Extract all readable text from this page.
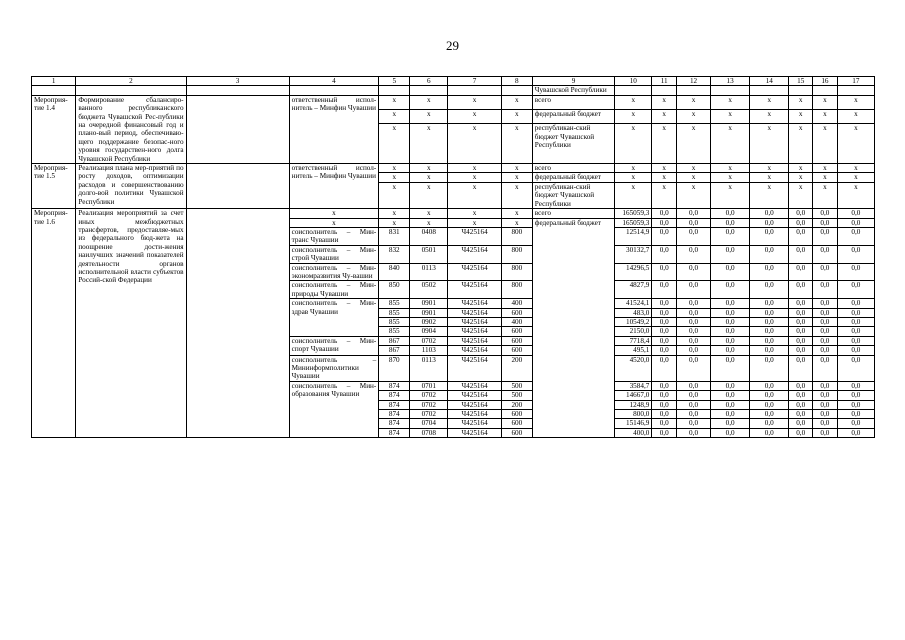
29
1	2	3	4	5	6	7	8	9	10	11	12	13	14	15	16	17
								Чувашской Республики								
Мероприя-тие 1.4	Формирование сбалансиро-ванного республиканского бюджета Чувашской Рес-публики на очередной финансовый год и плано-вый период, обеспечиваю-щего поддержание безопас-ного уровня государствен-ного долга Чувашской Республики		ответственный испол-нитель – Минфин Чувашии	х	х	х	х	всего	х	х	х	х	х	х	х	х
				х	х	х	х	федеральный бюджет	х	х	х	х	х	х	х	х
				х	х	х	х	республикан-ский бюджет Чувашской Республики	х	х	х	х	х	х	х	х
Мероприя-тие 1.5	Реализация плана мер-приятий по росту доходов, оптимизации расходов и совершенствованию долго-вой политики Чувашской Республики		ответственный испол-нитель – Минфин Чувашии	х	х	х	х	всего	х	х	х	х	х	х	х	х
				х	х	х	х	федеральный бюджет	х	х	х	х	х	х	х	х
				х	х	х	х	республикан-ский бюджет Чувашской Республики	х	х	х	х	х	х	х	х
Мероприя-тие 1.6	Реализация мероприятий за счет иных межбюджетных трансфертов, предоставляе-мых из федерального бюд-жета на поощрение дости-жения наилучших значений показателей деятельности органов исполнительной власти субъектов Россий-ской Федерации		х	х	х	х	х	всего	165059,3	0,0	0,0	0,0	0,0	0,0	0,0	0,0
			х	х	х	х	х	федеральный бюджет	165059,3	0,0	0,0	0,0	0,0	0,0	0,0	0,0
			соисполнитель – Мин-транс Чувашии	831	0408	Ч425164	800		12514,9	0,0	0,0	0,0	0,0	0,0	0,0	0,0
			соисполнитель – Мин-строй Чувашии	832	0501	Ч425164	800		30132,7	0,0	0,0	0,0	0,0	0,0	0,0	0,0
			соисполнитель – Мин-экономразвития Чу-вашии	840	0113	Ч425164	800		14296,5	0,0	0,0	0,0	0,0	0,0	0,0	0,0
			соисполнитель – Мин-природы Чувашии	850	0502	Ч425164	800		4827,9	0,0	0,0	0,0	0,0	0,0	0,0	0,0
			соисполнитель – Мин-здрав Чувашии	855	0901	Ч425164	400		41524,1	0,0	0,0	0,0	0,0	0,0	0,0	0,0
				855	0901	Ч425164	600		483,0	0,0	0,0	0,0	0,0	0,0	0,0	0,0
				855	0902	Ч425164	400		10549,2	0,0	0,0	0,0	0,0	0,0	0,0	0,0
				855	0904	Ч425164	600		2150,0	0,0	0,0	0,0	0,0	0,0	0,0	0,0
			соисполнитель – Мин-спорт Чувашии	867	0702	Ч425164	600		7718,4	0,0	0,0	0,0	0,0	0,0	0,0	0,0
				867	1103	Ч425164	600		495,1	0,0	0,0	0,0	0,0	0,0	0,0	0,0
			соисполнитель – Мининформполитики Чувашии	870	0113	Ч425164	200		4520,0	0,0	0,0	0,0	0,0	0,0	0,0	0,0
			соисполнитель – Мин-образования Чувашии	874	0701	Ч425164	500		3584,7	0,0	0,0	0,0	0,0	0,0	0,0	0,0
				874	0702	Ч425164	500		14667,0	0,0	0,0	0,0	0,0	0,0	0,0	0,0
				874	0702	Ч425164	200		1248,9	0,0	0,0	0,0	0,0	0,0	0,0	0,0
				874	0702	Ч425164	600		800,0	0,0	0,0	0,0	0,0	0,0	0,0	0,0
				874	0704	Ч425164	600		15146,9	0,0	0,0	0,0	0,0	0,0	0,0	0,0
				874	0708	Ч425164	600		400,0	0,0	0,0	0,0	0,0	0,0	0,0	0,0
